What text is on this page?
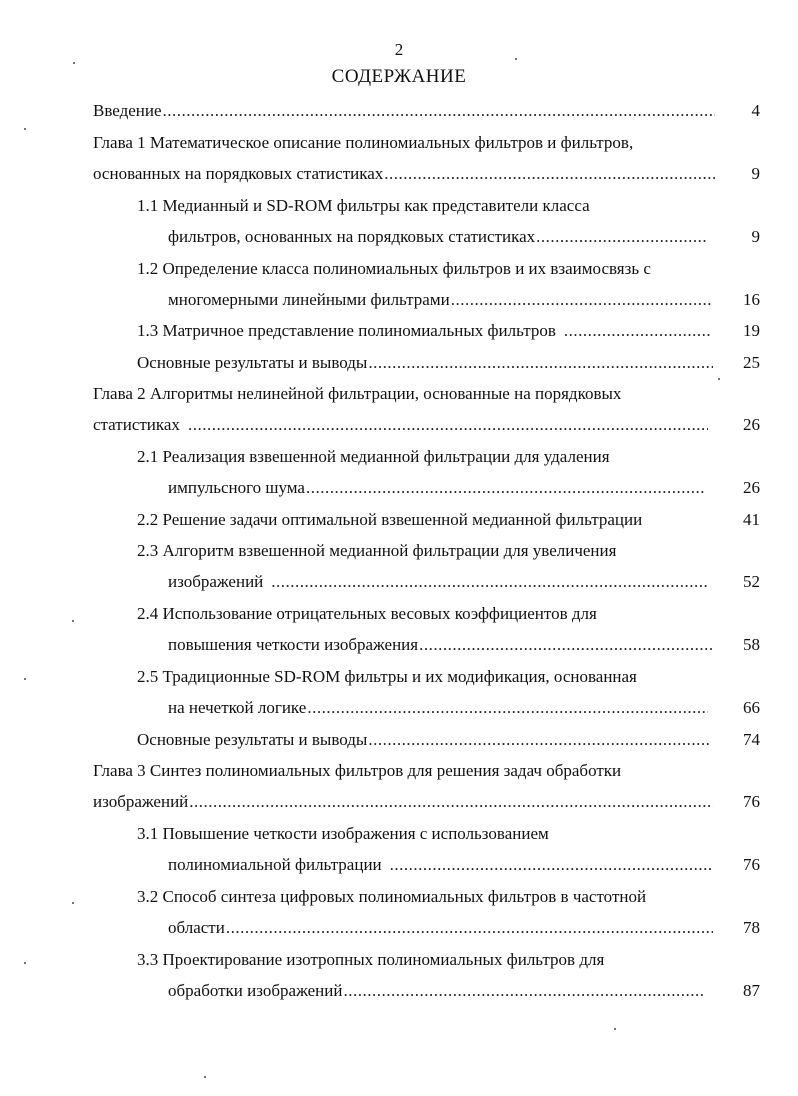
2
СОДЕРЖАНИЕ
Введение .....	4
Глава 1 Математическое описание полиномиальных фильтров и фильтров,
основанных на порядковых статистиках .....	9
1.1 Медианный и SD-ROM фильтры как представители класса
фильтров, основанных на порядковых статистиках .....	9
1.2 Определение класса полиномиальных фильтров и их взаимосвязь с
многомерными линейными фильтрами .....	16
1.3 Матричное представление полиномиальных фильтров .....	19
Основные результаты и выводы .....	25
Глава 2 Алгоритмы нелинейной фильтрации, основанные на порядковых
статистиках .....	26
2.1 Реализация взвешенной медианной фильтрации для удаления
импульсного шума .....	26
2.2 Решение задачи оптимальной взвешенной медианной фильтрации	41
2.3 Алгоритм взвешенной медианной фильтрации для увеличения
изображений .....	52
2.4 Использование отрицательных весовых коэффициентов для
повышения четкости изображения .....	58
2.5 Традиционные SD-ROM фильтры и их модификация, основанная
на нечеткой логике .....	66
Основные результаты и выводы .....	74
Глава 3 Синтез полиномиальных фильтров для решения задач обработки
изображений .....	76
3.1 Повышение четкости изображения с использованием
полиномиальной фильтрации .....	76
3.2 Способ синтеза цифровых полиномиальных фильтров в частотной
области .....	78
3.3 Проектирование изотропных полиномиальных фильтров для
обработки изображений .....	87
